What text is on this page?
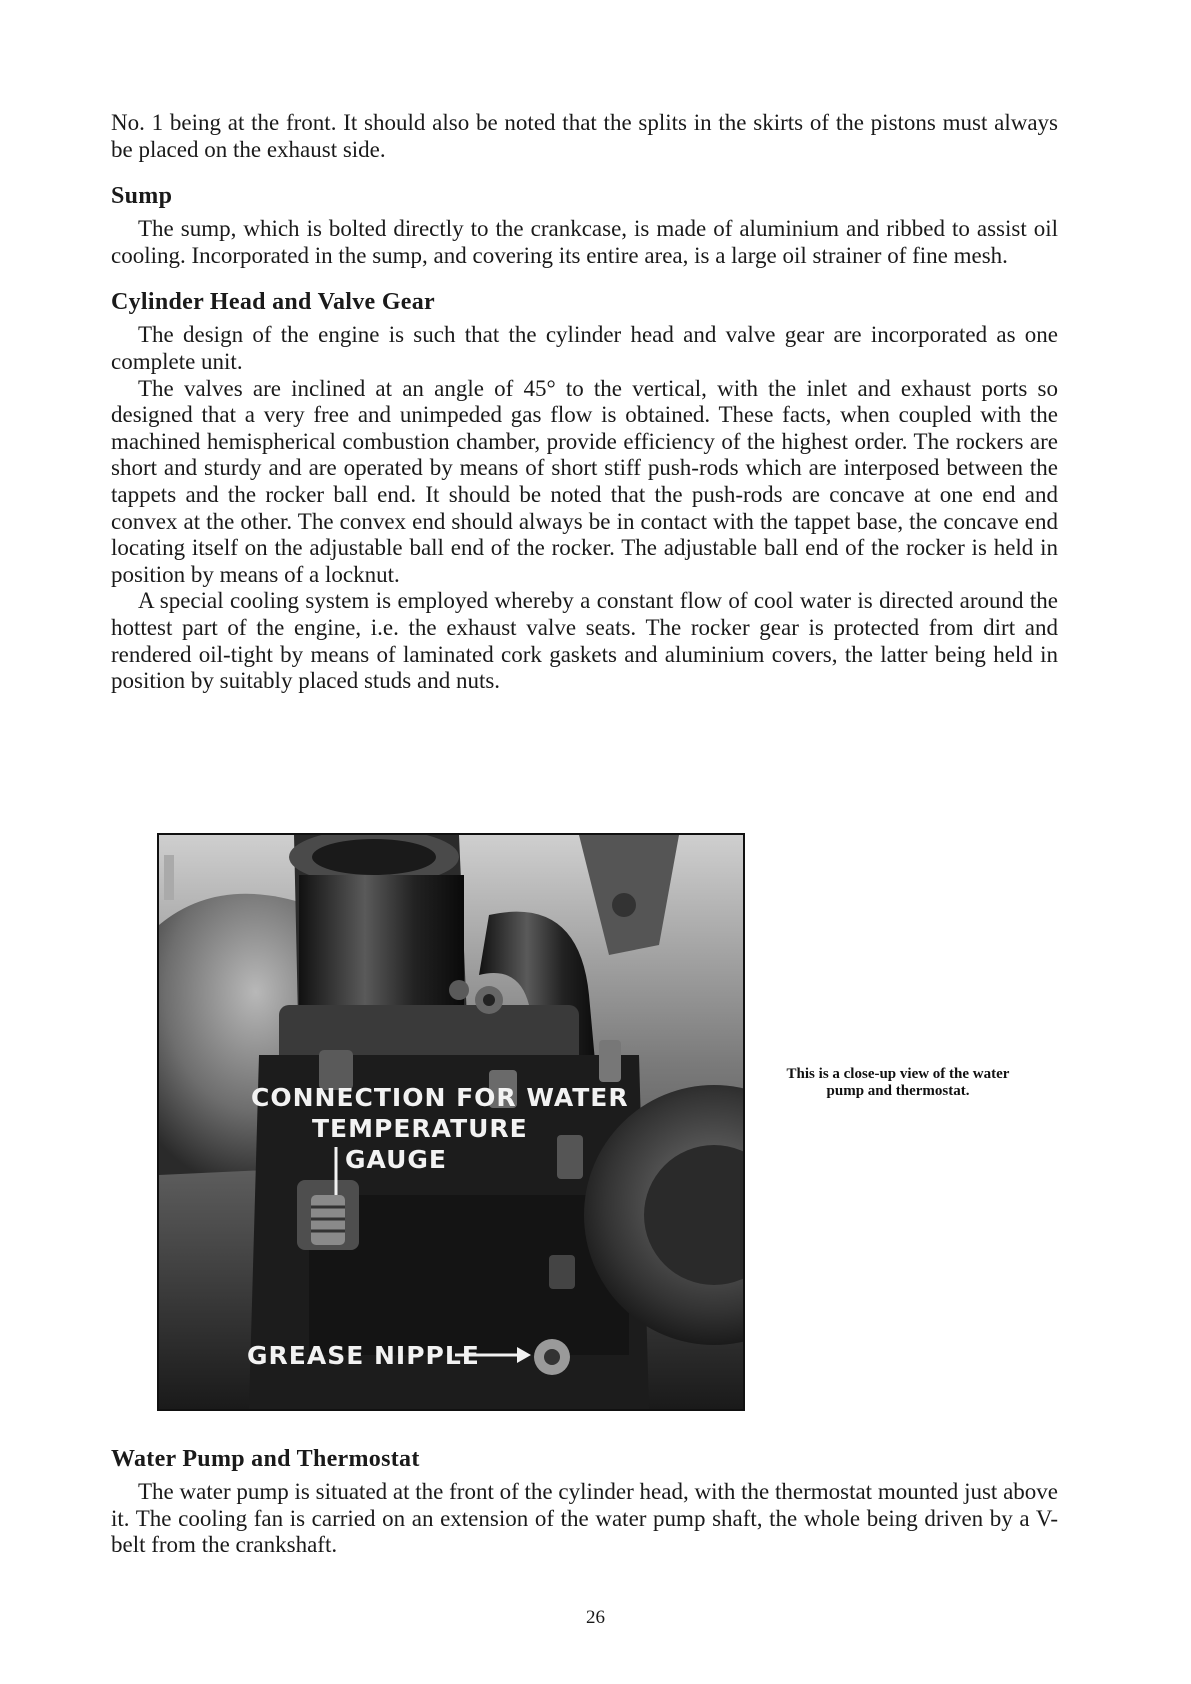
No. 1 being at the front. It should also be noted that the splits in the skirts of the pistons must always be placed on the exhaust side.

Sump

The sump, which is bolted directly to the crankcase, is made of aluminium and ribbed to assist oil cooling. Incorporated in the sump, and covering its entire area, is a large oil strainer of fine mesh.

Cylinder Head and Valve Gear

The design of the engine is such that the cylinder head and valve gear are incorporated as one complete unit.

The valves are inclined at an angle of 45° to the vertical, with the inlet and exhaust ports so designed that a very free and unimpeded gas flow is obtained. These facts, when coupled with the machined hemispherical combustion chamber, provide efficiency of the highest order. The rockers are short and sturdy and are operated by means of short stiff push-rods which are interposed between the tappets and the rocker ball end. It should be noted that the push-rods are concave at one end and convex at the other. The convex end should always be in contact with the tappet base, the concave end locating itself on the adjustable ball end of the rocker. The adjustable ball end of the rocker is held in position by means of a locknut.

A special cooling system is employed whereby a constant flow of cool water is directed around the hottest part of the engine, i.e. the exhaust valve seats. The rocker gear is protected from dirt and rendered oil-tight by means of laminated cork gaskets and aluminium covers, the latter being held in position by suitably placed studs and nuts.

CONNECTION FOR WATER
TEMPERATURE
GAUGE
GREASE NIPPLE
This is a close-up view of the water pump and thermostat.
Water Pump and Thermostat

The water pump is situated at the front of the cylinder head, with the thermostat mounted just above it. The cooling fan is carried on an extension of the water pump shaft, the whole being driven by a V-belt from the crankshaft.

26
